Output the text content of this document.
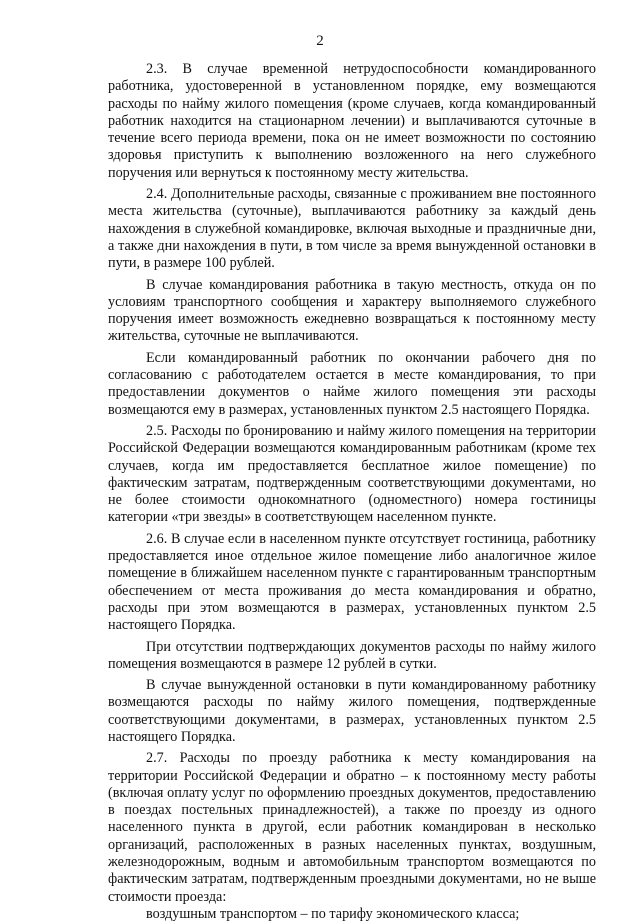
2

2.3. В случае временной нетрудоспособности командированного работника, удостоверенной в установленном порядке, ему возмещаются расходы по найму жилого помещения (кроме случаев, когда командированный работник находится на стационарном лечении) и выплачиваются суточные в течение всего периода времени, пока он не имеет возможности по состоянию здоровья приступить к выполнению возложенного на него служебного поручения или вернуться к постоянному месту жительства.

2.4. Дополнительные расходы, связанные с проживанием вне постоянного места жительства (суточные), выплачиваются работнику за каждый день нахождения в служебной командировке, включая выходные и праздничные дни, а также дни нахождения в пути, в том числе за время вынужденной остановки в пути, в размере 100 рублей.

В случае командирования работника в такую местность, откуда он по условиям транспортного сообщения и характеру выполняемого служебного поручения имеет возможность ежедневно возвращаться к постоянному месту жительства, суточные не выплачиваются.

Если командированный работник по окончании рабочего дня по согласованию с работодателем остается в месте командирования, то при предоставлении документов о найме жилого помещения эти расходы возмещаются ему в размерах, установленных пунктом 2.5 настоящего Порядка.

2.5. Расходы по бронированию и найму жилого помещения на территории Российской Федерации возмещаются командированным работникам (кроме тех случаев, когда им предоставляется бесплатное жилое помещение) по фактическим затратам, подтвержденным соответствующими документами, но не более стоимости однокомнатного (одноместного) номера гостиницы категории «три звезды» в соответствующем населенном пункте.

2.6. В случае если в населенном пункте отсутствует гостиница, работнику предоставляется иное отдельное жилое помещение либо аналогичное жилое помещение в ближайшем населенном пункте с гарантированным транспортным обеспечением от места проживания до места командирования и обратно, расходы при этом возмещаются в размерах, установленных пунктом 2.5 настоящего Порядка.

При отсутствии подтверждающих документов расходы по найму жилого помещения возмещаются в размере 12 рублей в сутки.

В случае вынужденной остановки в пути командированному работнику возмещаются расходы по найму жилого помещения, подтвержденные соответствующими документами, в размерах, установленных пунктом 2.5 настоящего Порядка.

2.7. Расходы по проезду работника к месту командирования на территории Российской Федерации и обратно – к постоянному месту работы (включая оплату услуг по оформлению проездных документов, предоставлению в поездах постельных принадлежностей), а также по проезду из одного населенного пункта в другой, если работник командирован в несколько организаций, расположенных в разных населенных пунктах, воздушным, железнодорожным, водным и автомобильным транспортом возмещаются по фактическим затратам, подтвержденным проездными документами, но не выше стоимости проезда:

воздушным транспортом – по тарифу экономического класса;
